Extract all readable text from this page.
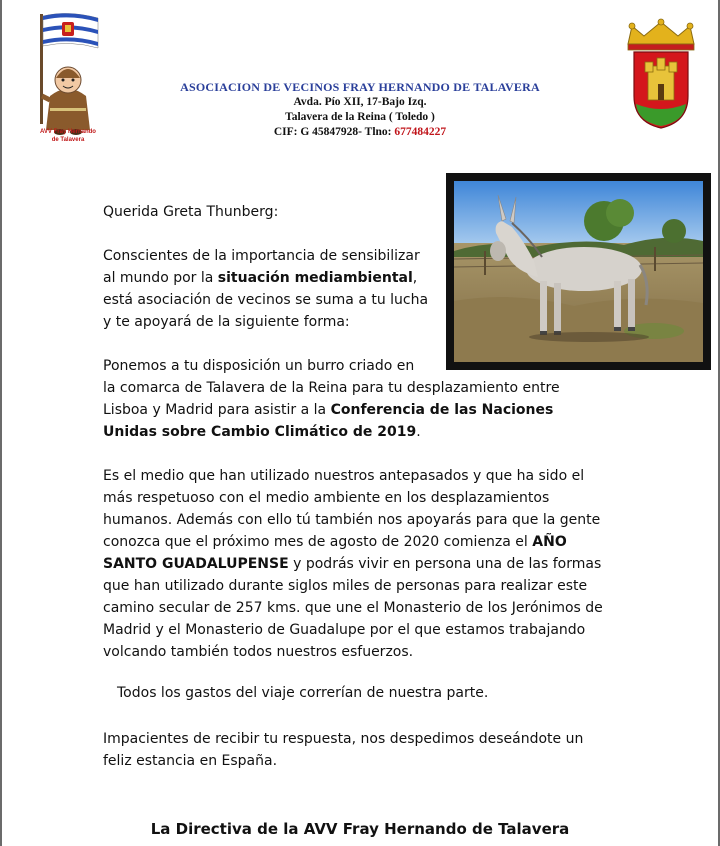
AVV Fray Hernando
de Talavera
ASOCIACION DE VECINOS FRAY HERNANDO DE TALAVERA
Avda. Pío XII, 17-Bajo Izq.
Talavera de la Reina ( Toledo )
CIF: G 45847928- Tlno: 677484227

Querida Greta Thunberg:

Conscientes de la importancia de sensibilizar
al mundo por la situación mediambiental,
está asociación de vecinos se suma a tu lucha
y te apoyará de la siguiente forma:
Ponemos a tu disposición un burro criado en
la comarca de Talavera de la Reina para tu desplazamiento entre
Lisboa y Madrid para asistir a la Conferencia de las Naciones
Unidas sobre Cambio Climático de 2019.
Es el medio que han utilizado nuestros antepasados y que ha sido el
más respetuoso con el medio ambiente en los desplazamientos
humanos. Además con ello tú también nos apoyarás para que la gente
conozca que el próximo mes de agosto de 2020 comienza el AÑO
SANTO GUADALUPENSE y podrás vivir en persona una de las formas
que han utilizado durante siglos miles de personas para realizar este
camino secular de 257 kms. que une el Monasterio de los Jerónimos de
Madrid y el Monasterio de Guadalupe por el que estamos trabajando
volcando también todos nuestros esfuerzos.

Todos los gastos del viaje correrían de nuestra parte.

Impacientes de recibir tu respuesta, nos despedimos deseándote un
feliz estancia en España.
La Directiva de la AVV Fray Hernando de Talavera
